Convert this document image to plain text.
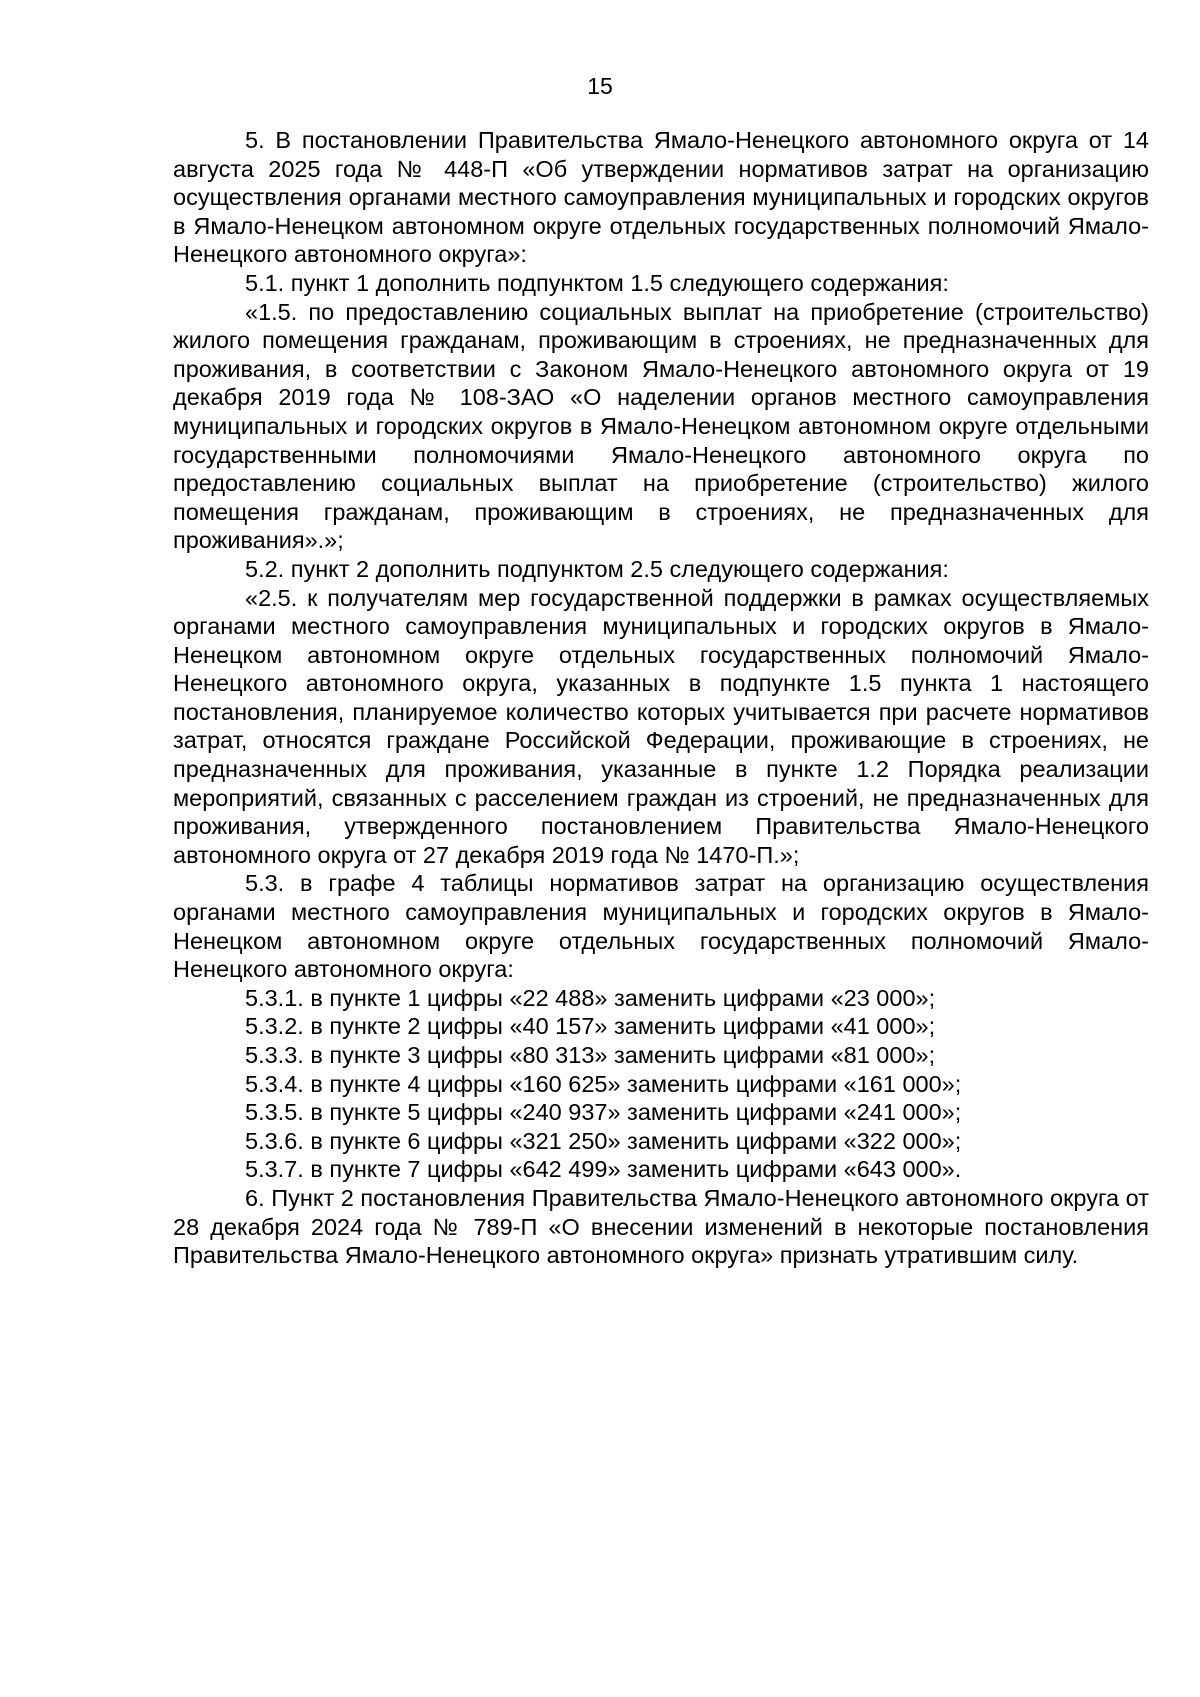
15

5. В постановлении Правительства Ямало-Ненецкого автономного округа от 14 августа 2025 года № 448-П «Об утверждении нормативов затрат на организацию осуществления органами местного самоуправления муниципальных и городских округов в Ямало-Ненецком автономном округе отдельных государственных полномочий Ямало-Ненецкого автономного округа»:

5.1. пункт 1 дополнить подпунктом 1.5 следующего содержания:

«1.5. по предоставлению социальных выплат на приобретение (строительство) жилого помещения гражданам, проживающим в строениях, не предназначенных для проживания, в соответствии с Законом Ямало-Ненецкого автономного округа от 19 декабря 2019 года № 108-ЗАО «О наделении органов местного самоуправления муниципальных и городских округов в Ямало-Ненецком автономном округе отдельными государственными полномочиями Ямало-Ненецкого автономного округа по предоставлению социальных выплат на приобретение (строительство) жилого помещения гражданам, проживающим в строениях, не предназначенных для проживания».»;

5.2. пункт 2 дополнить подпунктом 2.5 следующего содержания:

«2.5. к получателям мер государственной поддержки в рамках осуществляемых органами местного самоуправления муниципальных и городских округов в Ямало-Ненецком автономном округе отдельных государственных полномочий Ямало-Ненецкого автономного округа, указанных в подпункте 1.5 пункта 1 настоящего постановления, планируемое количество которых учитывается при расчете нормативов затрат, относятся граждане Российской Федерации, проживающие в строениях, не предназначенных для проживания, указанные в пункте 1.2 Порядка реализации мероприятий, связанных с расселением граждан из строений, не предназначенных для проживания, утвержденного постановлением Правительства Ямало-Ненецкого автономного округа от 27 декабря 2019 года № 1470-П.»;

5.3. в графе 4 таблицы нормативов затрат на организацию осуществления органами местного самоуправления муниципальных и городских округов в Ямало-Ненецком автономном округе отдельных государственных полномочий Ямало-Ненецкого автономного округа:

5.3.1. в пункте 1 цифры «22 488» заменить цифрами «23 000»;

5.3.2. в пункте 2 цифры «40 157» заменить цифрами «41 000»;

5.3.3. в пункте 3 цифры «80 313» заменить цифрами «81 000»;

5.3.4. в пункте 4 цифры «160 625» заменить цифрами «161 000»;

5.3.5. в пункте 5 цифры «240 937» заменить цифрами «241 000»;

5.3.6. в пункте 6 цифры «321 250» заменить цифрами «322 000»;

5.3.7. в пункте 7 цифры «642 499» заменить цифрами «643 000».

6. Пункт 2 постановления Правительства Ямало-Ненецкого автономного округа от 28 декабря 2024 года № 789-П «О внесении изменений в некоторые постановления Правительства Ямало-Ненецкого автономного округа» признать утратившим силу.
